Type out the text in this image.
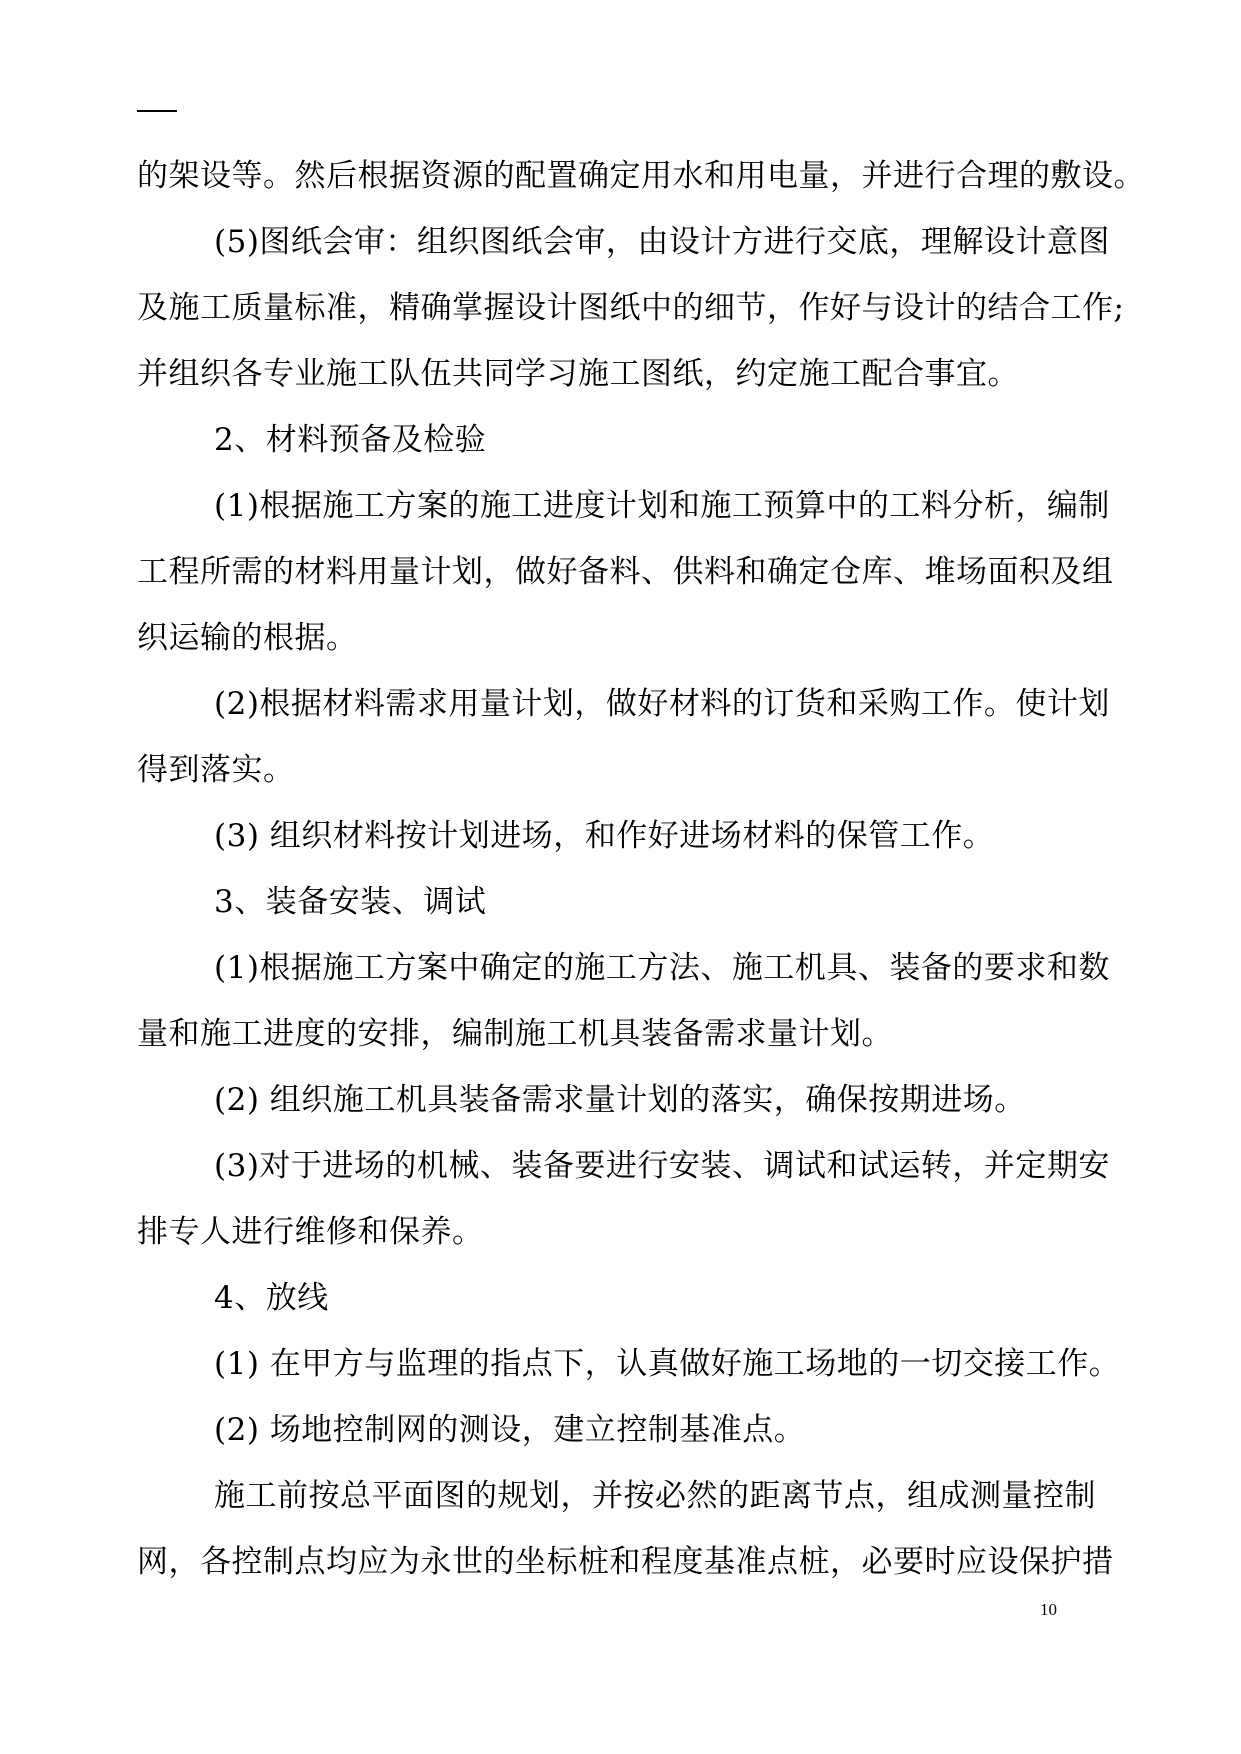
的架设等。然后根据资源的配置确定用水和用电量，并进行合理的敷设。
(5)图纸会审：组织图纸会审，由设计方进行交底，理解设计意图
及施工质量标准，精确掌握设计图纸中的细节，作好与设计的结合工作;
并组织各专业施工队伍共同学习施工图纸，约定施工配合事宜。
2、材料预备及检验
(1)根据施工方案的施工进度计划和施工预算中的工料分析，编制
工程所需的材料用量计划，做好备料、供料和确定仓库、堆场面积及组
织运输的根据。
(2)根据材料需求用量计划，做好材料的订货和采购工作。使计划
得到落实。
(3) 组织材料按计划进场，和作好进场材料的保管工作。
3、装备安装、调试
(1)根据施工方案中确定的施工方法、施工机具、装备的要求和数
量和施工进度的安排，编制施工机具装备需求量计划。
(2) 组织施工机具装备需求量计划的落实，确保按期进场。
(3)对于进场的机械、装备要进行安装、调试和试运转，并定期安
排专人进行维修和保养。
4、放线
(1) 在甲方与监理的指点下，认真做好施工场地的一切交接工作。
(2) 场地控制网的测设，建立控制基准点。
施工前按总平面图的规划，并按必然的距离节点，组成测量控制
网，各控制点均应为永世的坐标桩和程度基准点桩，必要时应设保护措
10
